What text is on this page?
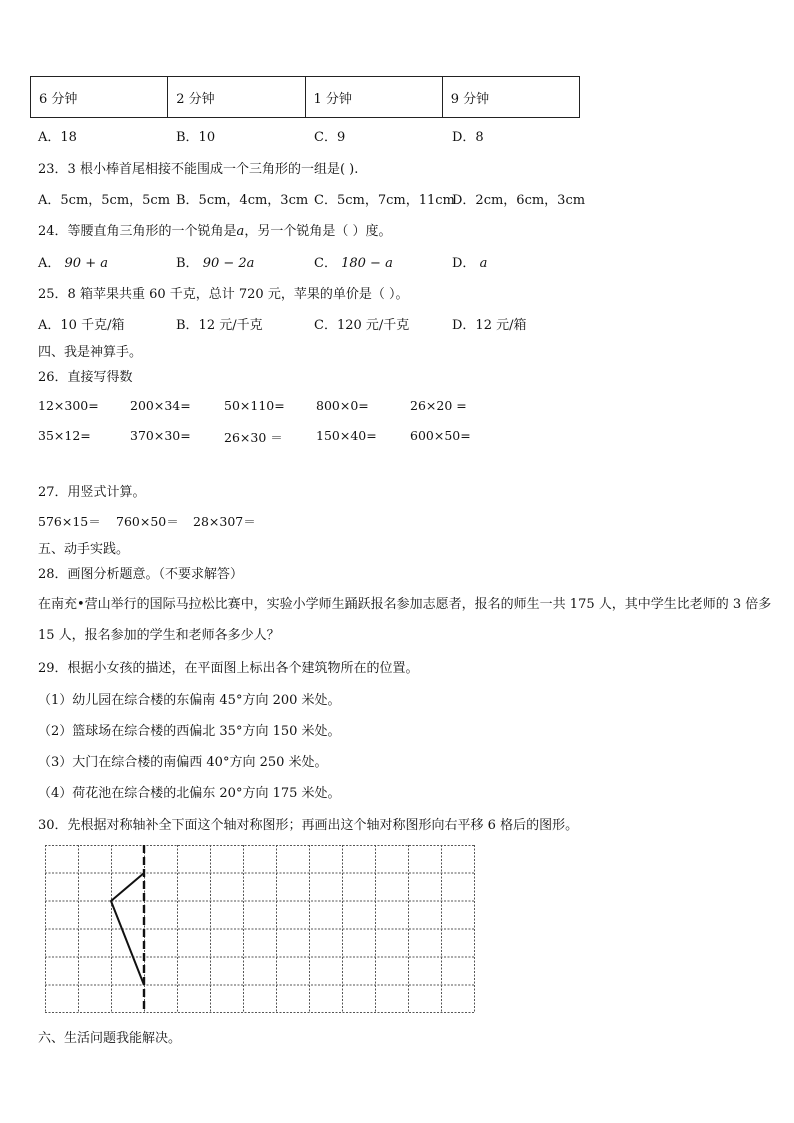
6 分钟	2 分钟	1 分钟	9 分钟
A．18	B．10	C．9	D．8
23．3 根小棒首尾相接不能围成一个三角形的一组是( ).
A．5cm，5cm，5cm B．5cm，4cm，3cm C．5cm，7cm，11cm
D．2cm，6cm，3cm
24．等腰直角三角形的一个锐角是a，另一个锐角是（ ）度。
A． 90 + a	B． 90 − 2a	C． 180 − a	D． a
25．8 箱苹果共重 60 千克，总计 720 元，苹果的单价是（ ）。
A．10 千克/箱	B．12 元/千克	C．120 元/千克	D．12 元/箱
四、我是神算手。
26．直接写得数
12×300=	200×34=	50×110=	800×0=	26×20 =
35×12=	370×30=	26×30 ＝	150×40=	600×50=
27．用竖式计算。
576×15＝ 760×50＝ 28×307＝
五、动手实践。
28．画图分析题意。（不要求解答）
在南充•营山举行的国际马拉松比赛中，实验小学师生踊跃报名参加志愿者，报名的师生一共 175 人，其中学生比老师的 3 倍多 15 人，报名参加的学生和老师各多少人？
29．根据小女孩的描述，在平面图上标出各个建筑物所在的位置。
（1）幼儿园在综合楼的东偏南 45°方向 200 米处。
（2）篮球场在综合楼的西偏北 35°方向 150 米处。
（3）大门在综合楼的南偏西 40°方向 250 米处。
（4）荷花池在综合楼的北偏东 20°方向 175 米处。
30．先根据对称轴补全下面这个轴对称图形；再画出这个轴对称图形向右平移 6 格后的图形。
六、生活问题我能解决。
